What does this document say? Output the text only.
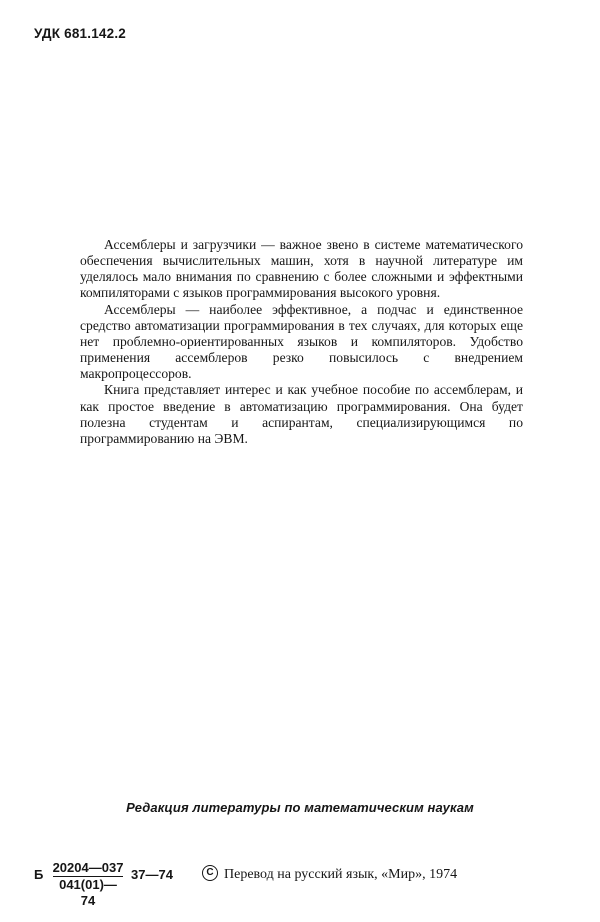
УДК 681.142.2

Ассемблеры и загрузчики — важное звено в системе математического обеспечения вычислительных машин, хотя в научной литературе им уделялось мало внимания по сравнению с более сложными и эффектными компиляторами с языков программирования высокого уровня.

Ассемблеры — наиболее эффективное, а подчас и единственное средство автоматизации программирования в тех случаях, для которых еще нет проблемно-ориентированных языков и компиляторов. Удобство применения ассемблеров резко повысилось с внедрением макропроцессоров.

Книга представляет интерес и как учебное пособие по ассемблерам, и как простое введение в автоматизацию программирования. Она будет полезна студентам и аспирантам, специализирующимся по программированию на ЭВМ.

Редакция литературы по математическим наукам
Б 20204—037
041(01)—74
37—74	C Перевод на русский язык, «Мир», 1974
